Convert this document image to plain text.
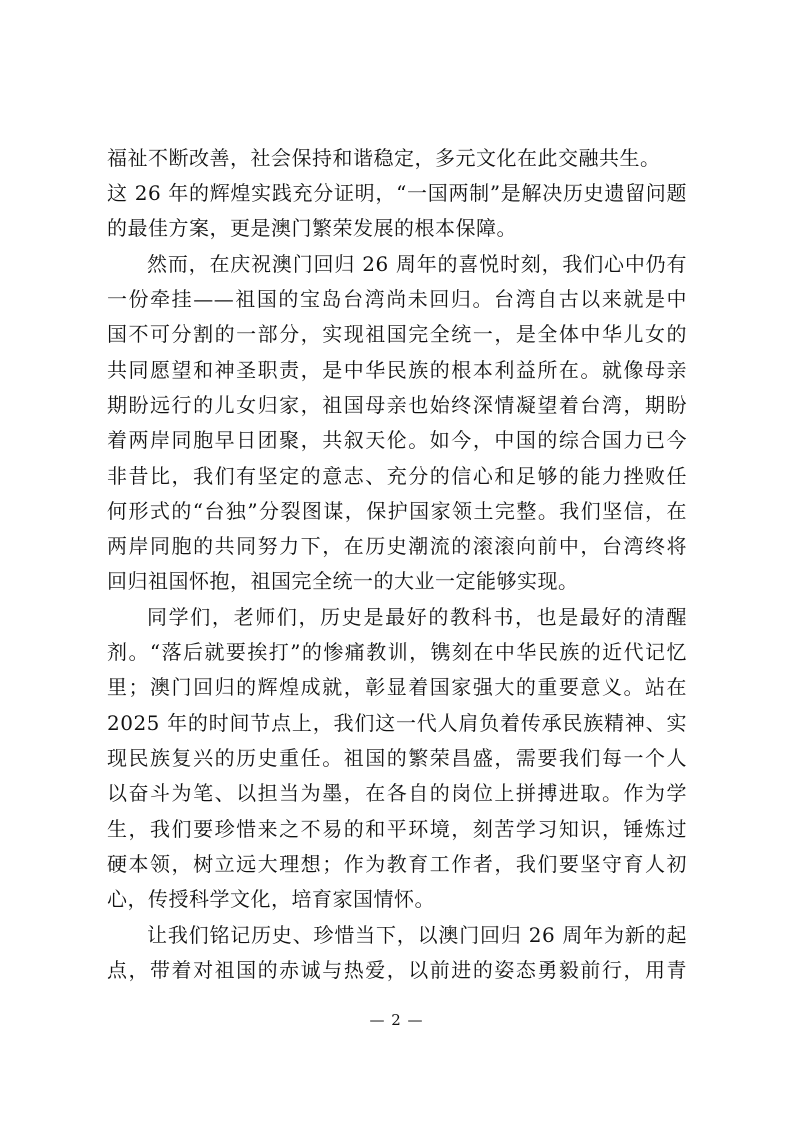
福祉不断改善，社会保持和谐稳定，多元文化在此交融共生。
这 26 年的辉煌实践充分证明，“一国两制”是解决历史遗留问题
的最佳方案，更是澳门繁荣发展的根本保障。
然而，在庆祝澳门回归 26 周年的喜悦时刻，我们心中仍有
一份牵挂——祖国的宝岛台湾尚未回归。台湾自古以来就是中
国不可分割的一部分，实现祖国完全统一，是全体中华儿女的
共同愿望和神圣职责，是中华民族的根本利益所在。就像母亲
期盼远行的儿女归家，祖国母亲也始终深情凝望着台湾，期盼
着两岸同胞早日团聚，共叙天伦。如今，中国的综合国力已今
非昔比，我们有坚定的意志、充分的信心和足够的能力挫败任
何形式的“台独”分裂图谋，保护国家领土完整。我们坚信，在
两岸同胞的共同努力下，在历史潮流的滚滚向前中，台湾终将
回归祖国怀抱，祖国完全统一的大业一定能够实现。
同学们，老师们，历史是最好的教科书，也是最好的清醒
剂。“落后就要挨打”的惨痛教训，镌刻在中华民族的近代记忆
里；澳门回归的辉煌成就，彰显着国家强大的重要意义。站在
2025 年的时间节点上，我们这一代人肩负着传承民族精神、实
现民族复兴的历史重任。祖国的繁荣昌盛，需要我们每一个人
以奋斗为笔、以担当为墨，在各自的岗位上拼搏进取。作为学
生，我们要珍惜来之不易的和平环境，刻苦学习知识，锤炼过
硬本领，树立远大理想；作为教育工作者，我们要坚守育人初
心，传授科学文化，培育家国情怀。
让我们铭记历史、珍惜当下，以澳门回归 26 周年为新的起
点，带着对祖国的赤诚与热爱，以前进的姿态勇毅前行，用青
— 2 —
